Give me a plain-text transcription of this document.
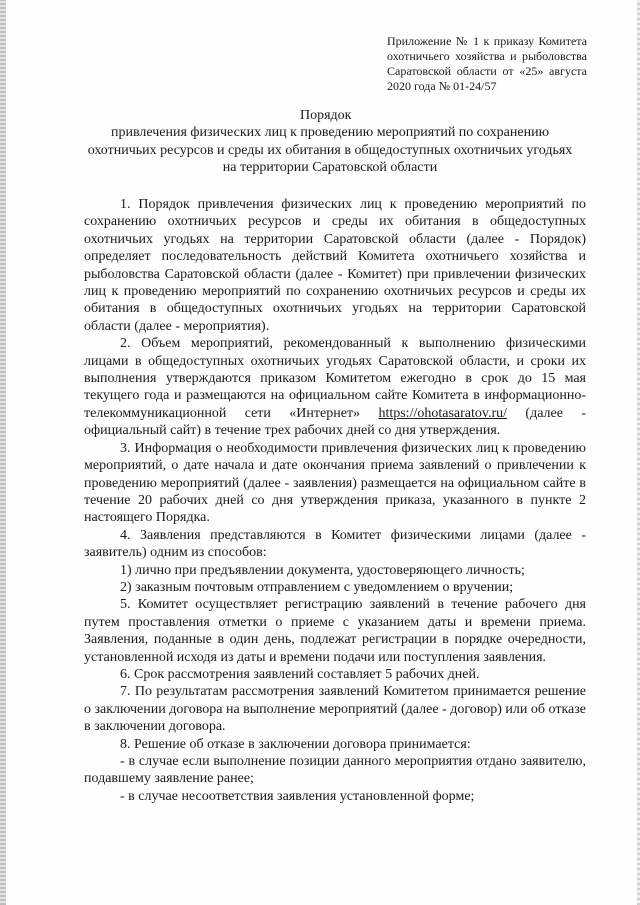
Приложение № 1 к приказу Комитета охотничьего хозяйства и рыболовства Саратовской области от «25» августа 2020 года № 01-24/57
Порядок
привлечения физических лиц к проведению мероприятий по сохранению охотничьих ресурсов и среды их обитания в общедоступных охотничьих угодьях на территории Саратовской области

1. Порядок привлечения физических лиц к проведению мероприятий по сохранению охотничьих ресурсов и среды их обитания в общедоступных охотничьих угодьях на территории Саратовской области (далее - Порядок) определяет последовательность действий Комитета охотничьего хозяйства и рыболовства Саратовской области (далее - Комитет) при привлечении физических лиц к проведению мероприятий по сохранению охотничьих ресурсов и среды их обитания в общедоступных охотничьих угодьях на территории Саратовской области (далее - мероприятия).

2. Объем мероприятий, рекомендованный к выполнению физическими лицами в общедоступных охотничьих угодьях Саратовской области, и сроки их выполнения утверждаются приказом Комитетом ежегодно в срок до 15 мая текущего года и размещаются на официальном сайте Комитета в информационно-телекоммуникационной сети «Интернет» https://ohotasaratov.ru/ (далее - официальный сайт) в течение трех рабочих дней со дня утверждения.

3. Информация о необходимости привлечения физических лиц к проведению мероприятий, о дате начала и дате окончания приема заявлений о привлечении к проведению мероприятий (далее - заявления) размещается на официальном сайте в течение 20 рабочих дней со дня утверждения приказа, указанного в пункте 2 настоящего Порядка.

4. Заявления представляются в Комитет физическими лицами (далее - заявитель) одним из способов:

1) лично при предъявлении документа, удостоверяющего личность;

2) заказным почтовым отправлением с уведомлением о вручении;

5. Комитет осуществляет регистрацию заявлений в течение рабочего дня путем проставления отметки о приеме с указанием даты и времени приема. Заявления, поданные в один день, подлежат регистрации в порядке очередности, установленной исходя из даты и времени подачи или поступления заявления.

6. Срок рассмотрения заявлений составляет 5 рабочих дней.

7. По результатам рассмотрения заявлений Комитетом принимается решение о заключении договора на выполнение мероприятий (далее - договор) или об отказе в заключении договора.

8. Решение об отказе в заключении договора принимается:

- в случае если выполнение позиции данного мероприятия отдано заявителю, подавшему заявление ранее;

- в случае несоответствия заявления установленной форме;
